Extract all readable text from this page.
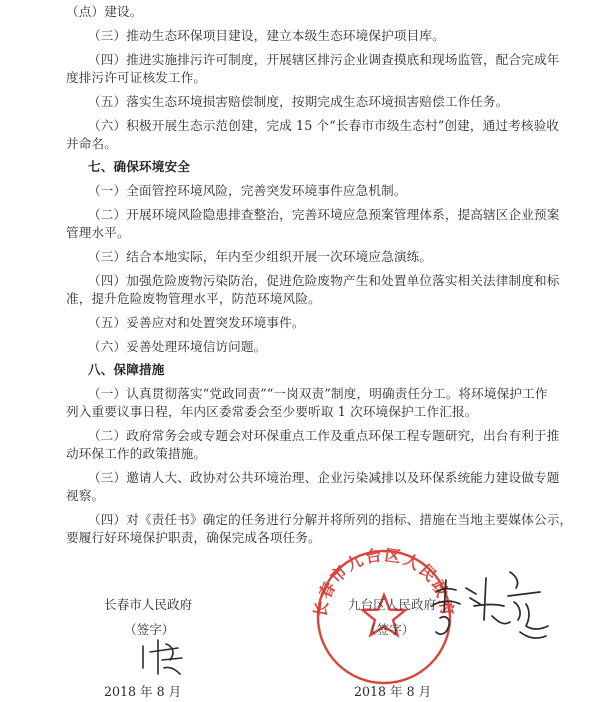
（点）建设。
（三）推动生态环保项目建设，建立本级生态环境保护项目库。
（四）推进实施排污许可制度，开展辖区排污企业调查摸底和现场监管，配合完成年
度排污许可证核发工作。
（五）落实生态环境损害赔偿制度，按期完成生态环境损害赔偿工作任务。
（六）积极开展生态示范创建，完成 15 个“长春市市级生态村”创建，通过考核验收
并命名。
七、确保环境安全
（一）全面管控环境风险，完善突发环境事件应急机制。
（二）开展环境风险隐患排查整治，完善环境应急预案管理体系，提高辖区企业预案
管理水平。
（三）结合本地实际，年内至少组织开展一次环境应急演练。
（四）加强危险废物污染防治，促进危险废物产生和处置单位落实相关法律制度和标
准，提升危险废物管理水平，防范环境风险。
（五）妥善应对和处置突发环境事件。
（六）妥善处理环境信访问题。
八、保障措施
（一）认真贯彻落实“党政同责”“一岗双责”制度，明确责任分工。将环境保护工作
列入重要议事日程，年内区委常委会至少要听取 1 次环境保护工作汇报。
（二）政府常务会或专题会对环保重点工作及重点环保工程专题研究，出台有利于推
动环保工作的政策措施。
（三）邀请人大、政协对公共环境治理、企业污染减排以及环保系统能力建设做专题
视察。
（四）对《责任书》确定的任务进行分解并将所列的指标、措施在当地主要媒体公示，
要履行好环境保护职责，确保完成各项任务。
长春市人民政府
（签字）
2018 年 8 月
长春市九台区人民政府
九台区人民政府
（签字）
2018 年 8 月
